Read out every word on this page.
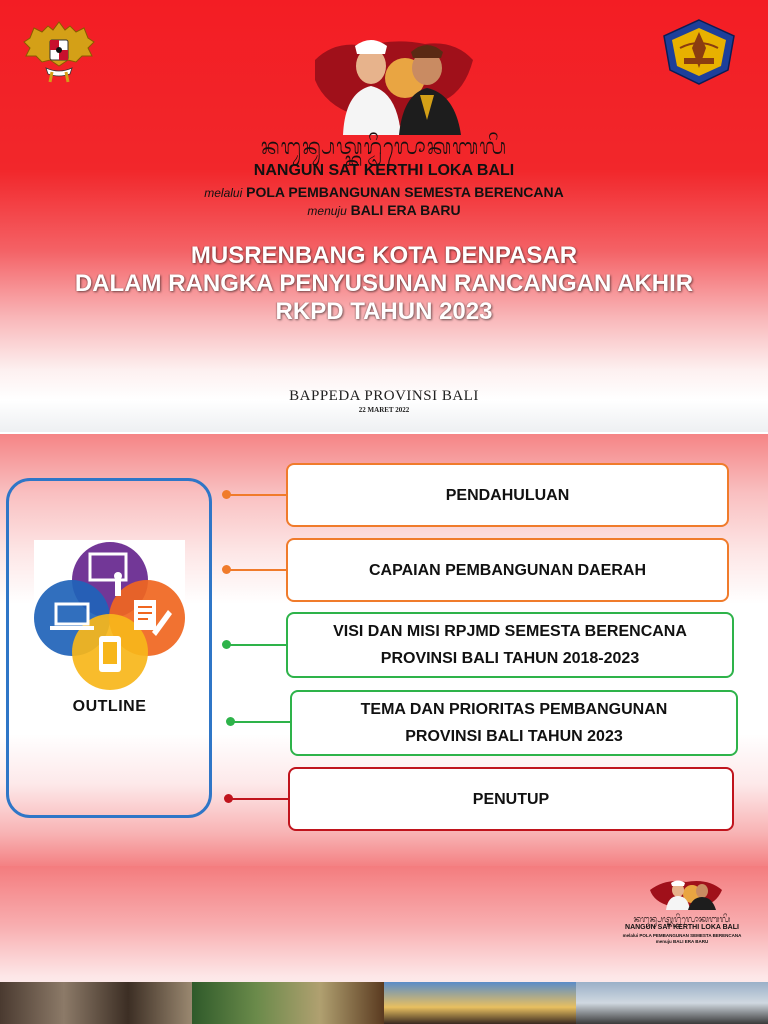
ᬦᬗᬸᬦ᭄ᬲᬢ᭄ᬓᬭ᭄ᬣᬶᬮᭀᬓᬩᬮᬶ
NANGUN SAT KERTHI LOKA BALI
melalui POLA PEMBANGUNAN SEMESTA BERENCANA
menuju BALI ERA BARU
MUSRENBANG KOTA DENPASAR
DALAM RANGKA PENYUSUNAN RANCANGAN AKHIR
RKPD TAHUN 2023
BAPPEDA PROVINSI BALI
22 MARET 2022
OUTLINE
PENDAHULUAN
CAPAIAN PEMBANGUNAN DAERAH
VISI DAN MISI RPJMD SEMESTA BERENCANA
PROVINSI BALI TAHUN 2018-2023
TEMA DAN PRIORITAS PEMBANGUNAN
PROVINSI BALI TAHUN 2023
PENUTUP
ᬦᬗᬸᬦ᭄ᬲᬢ᭄ᬓᬭ᭄ᬣᬶᬮᭀᬓᬩᬮᬶ
NANGUN SAT KERTHI LOKA BALI
melalui POLA PEMBANGUNAN SEMESTA BERENCANA
menuju BALI ERA BARU
